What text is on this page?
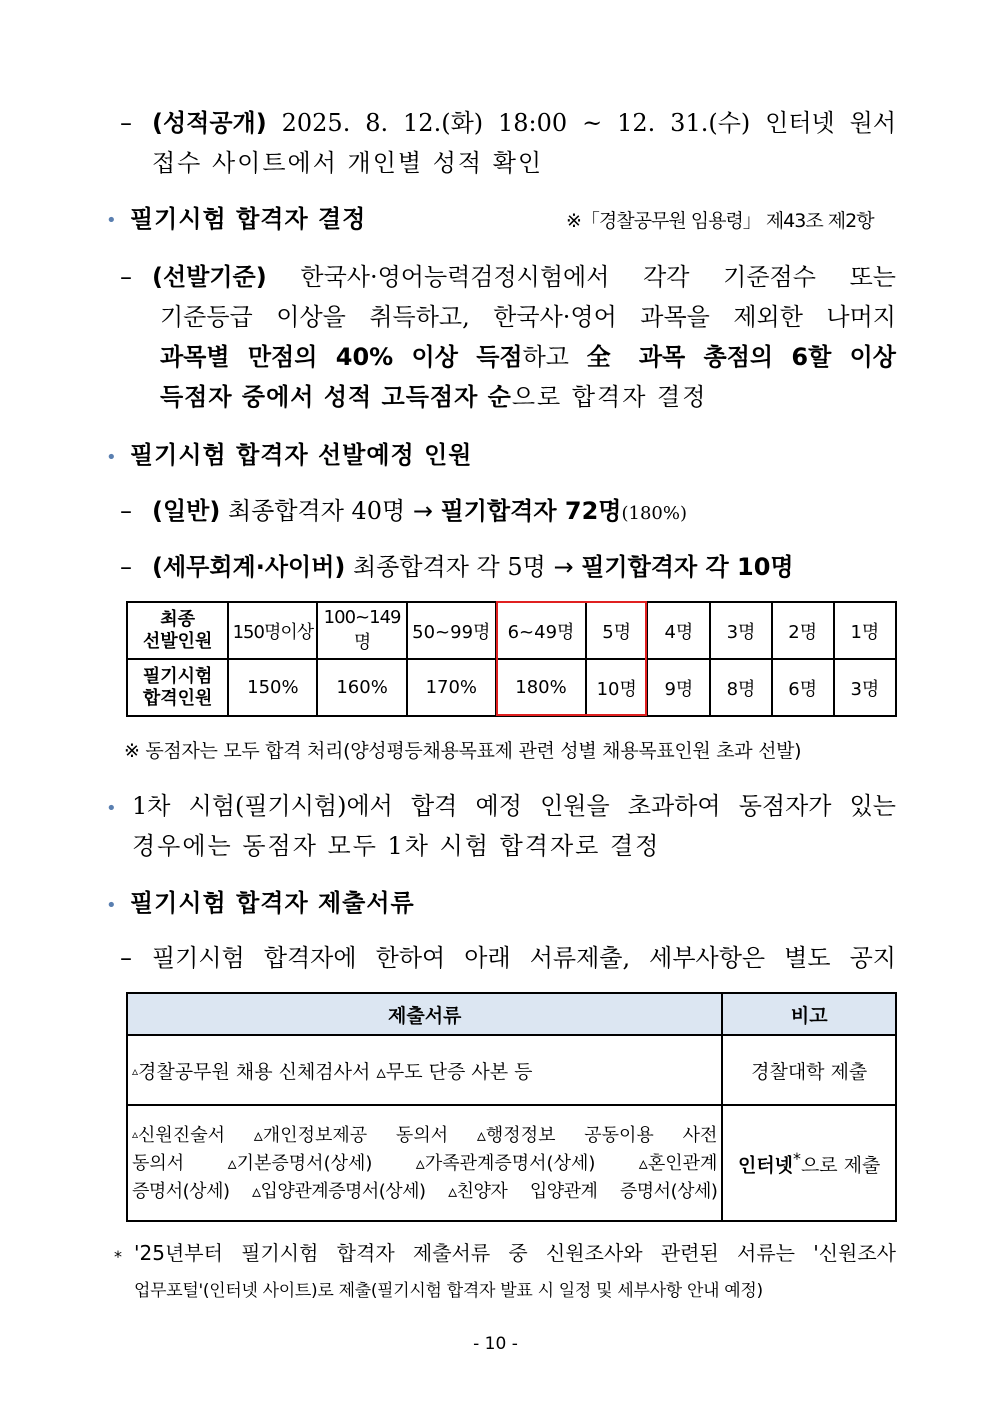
– (성적공개) 2025. 8. 12.(화) 18:00 ~ 12. 31.(수) 인터넷 원서
접수 사이트에서 개인별 성적 확인
• 필기시험 합격자 결정	※「경찰공무원 임용령」 제43조 제2항
– (선발기준) 한국사·영어능력검정시험에서 각각 기준점수 또는
기준등급 이상을 취득하고, 한국사·영어 과목을 제외한 나머지
과목별 만점의 40% 이상 득점하고 全 과목 총점의 6할 이상
득점자 중에서 성적 고득점자 순으로 합격자 결정
• 필기시험 합격자 선발예정 인원
– (일반) 최종합격자 40명 → 필기합격자 72명(180%)
– (세무회계·사이버) 최종합격자 각 5명 → 필기합격자 각 10명
최종
선발인원	150명이상	100~149명	50~99명	6~49명	5명	4명	3명	2명	1명

필기시험
합격인원	150%	160%	170%	180%	10명	9명	8명	6명	3명
※ 동점자는 모두 합격 처리(양성평등채용목표제 관련 성별 채용목표인원 초과 선발)
• 1차 시험(필기시험)에서 합격 예정 인원을 초과하여 동점자가 있는
경우에는 동점자 모두 1차 시험 합격자로 결정
• 필기시험 합격자 제출서류
– 필기시험 합격자에 한하여 아래 서류제출, 세부사항은 별도 공지
제출서류	비고
▵경찰공무원 채용 신체검사서 ▵무도 단증 사본 등	경찰대학 제출

▵신원진술서 ▵개인정보제공 동의서 ▵행정정보 공동이용 사전
동의서 ▵기본증명서(상세) ▵가족관계증명서(상세) ▵혼인관계
증명서(상세) ▵입양관계증명서(상세) ▵친양자 입양관계 증명서(상세)	인터넷*으로 제출
* '25년부터 필기시험 합격자 제출서류 중 신원조사와 관련된 서류는 '신원조사
업무포털'(인터넷 사이트)로 제출(필기시험 합격자 발표 시 일정 및 세부사항 안내 예정)
- 10 -
